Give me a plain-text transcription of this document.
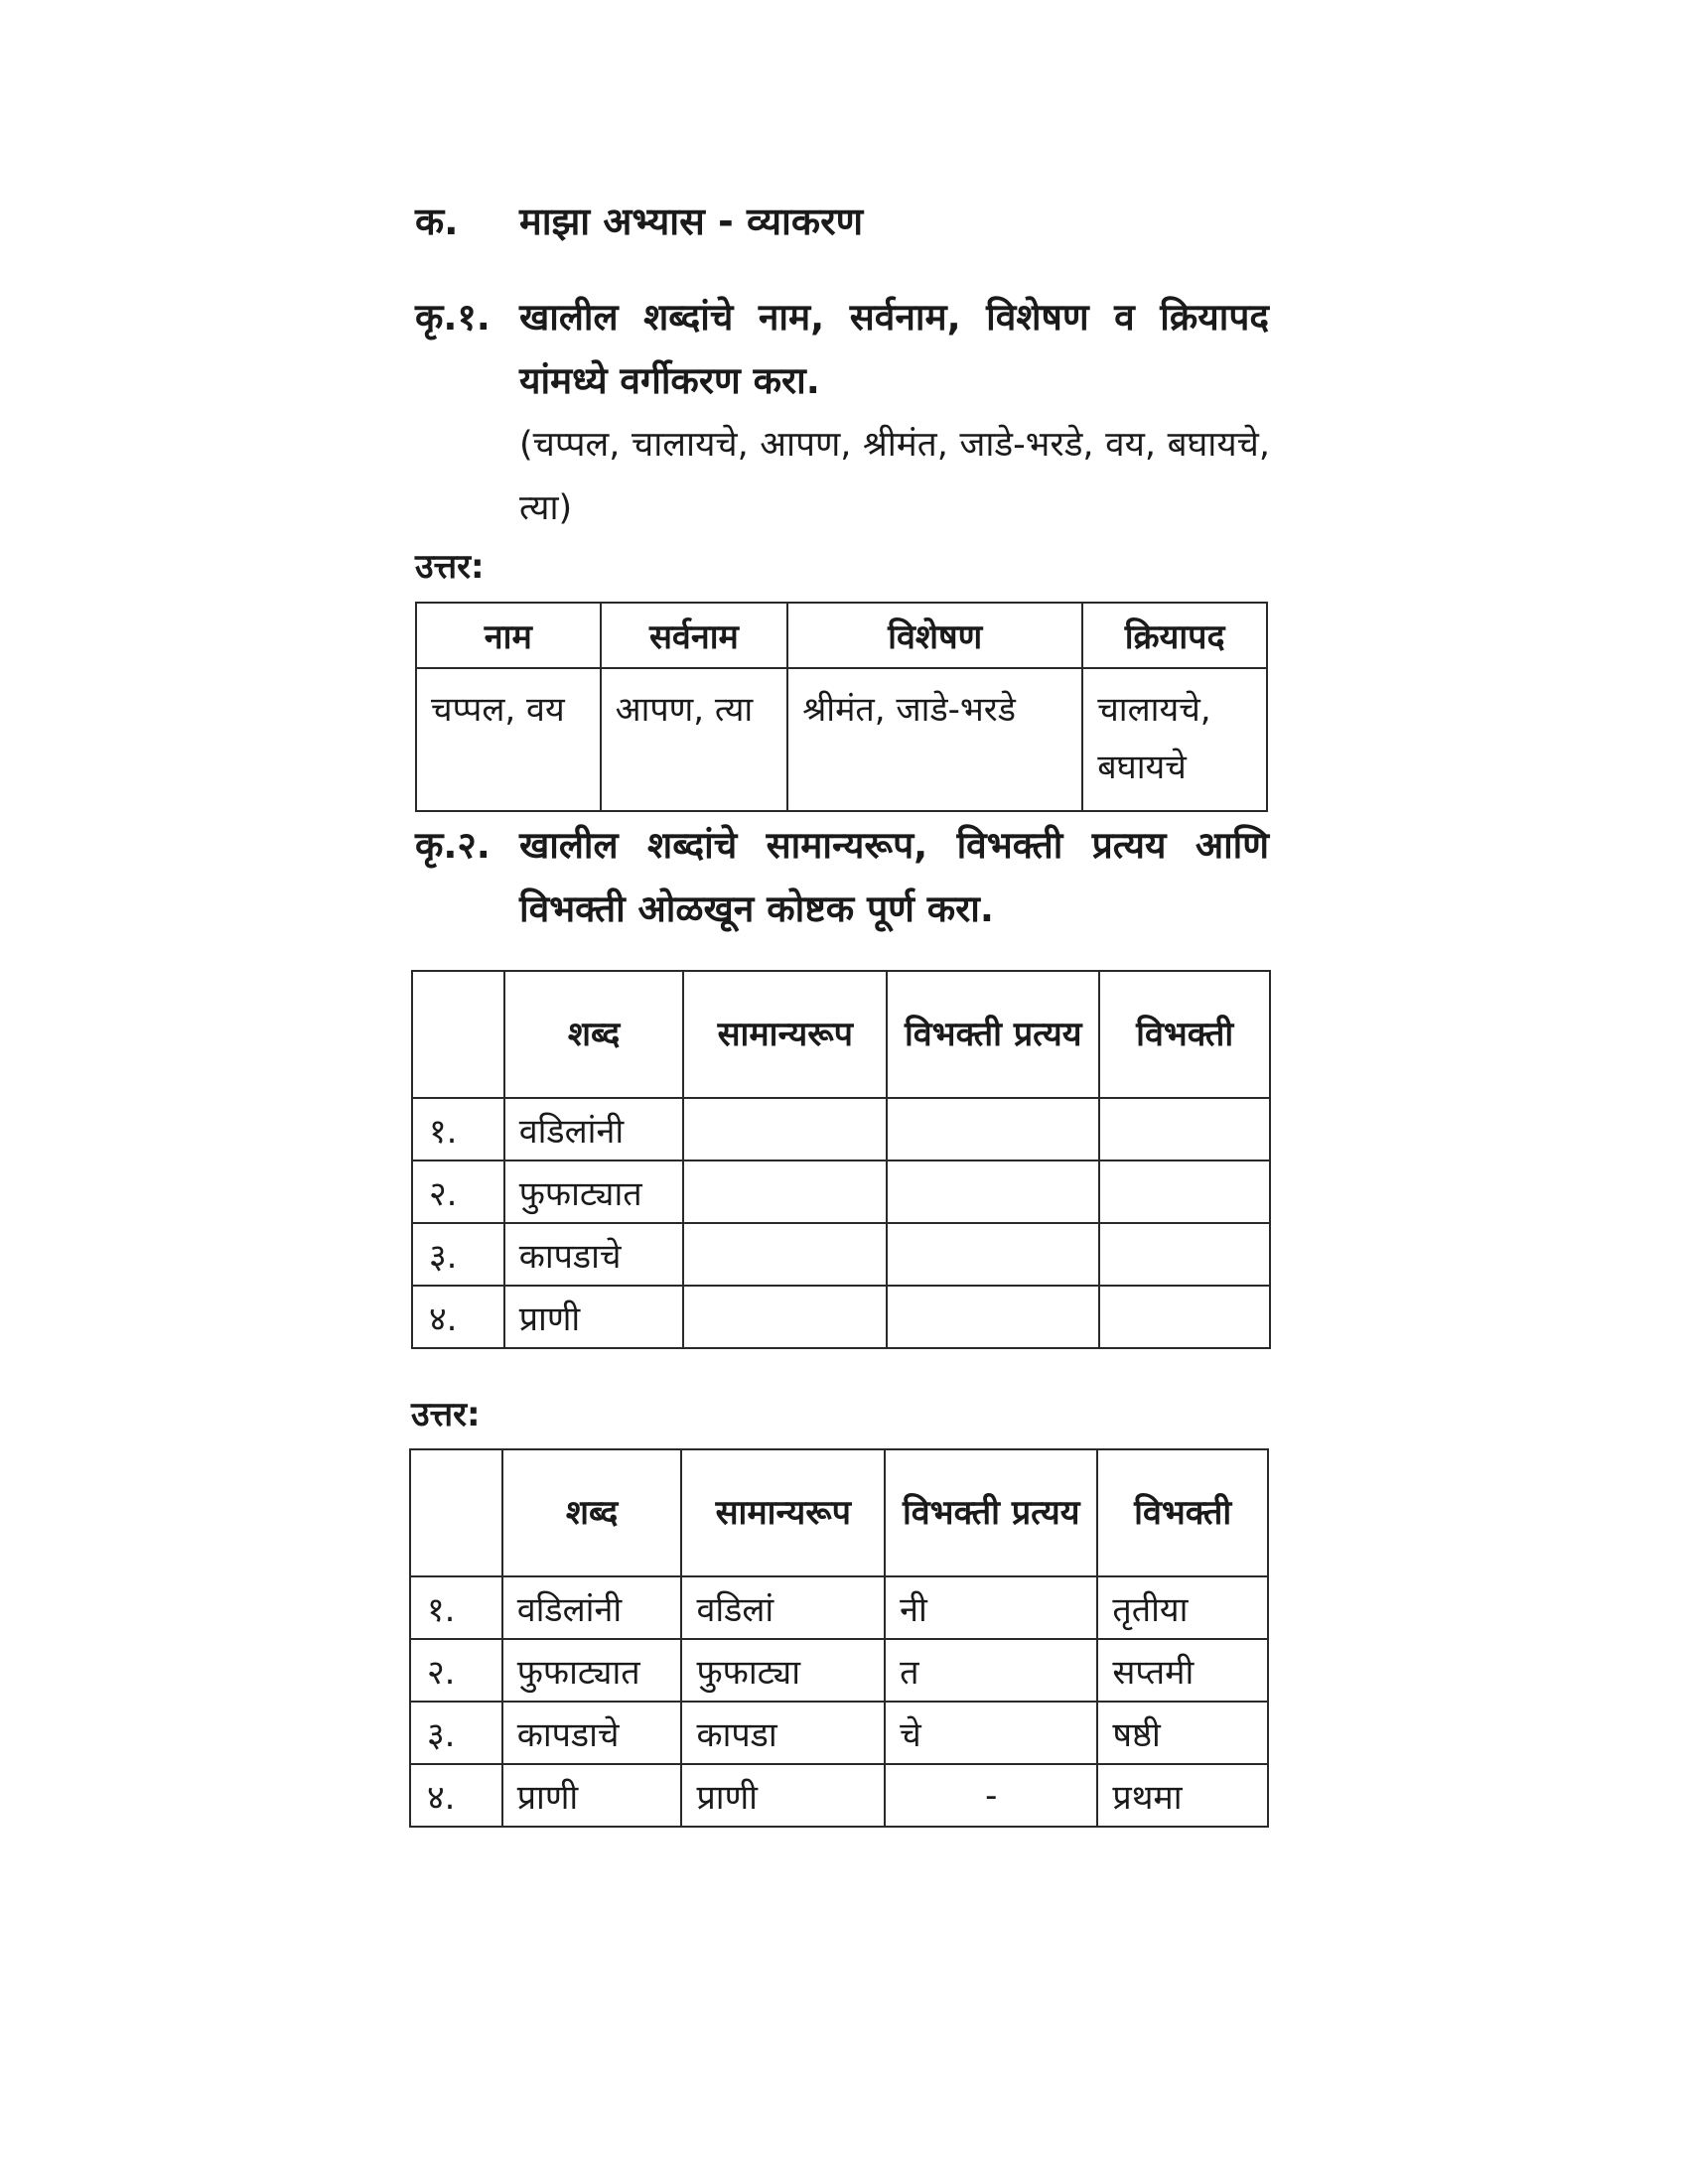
क. माझा अभ्यास - व्याकरण
कृ.१. खालील शब्दांचे नाम, सर्वनाम, विशेषण व क्रियापद यांमध्ये वर्गीकरण करा.
(चप्पल, चालायचे, आपण, श्रीमंत, जाडे-भरडे, वय, बघायचे, त्या)
उत्तर:
नाम	सर्वनाम	विशेषण	क्रियापद
चप्पल, वय	आपण, त्या	श्रीमंत, जाडे-भरडे	चालायचे, बघायचे
कृ.२. खालील शब्दांचे सामान्यरूप, विभक्ती प्रत्यय आणि विभक्ती ओळखून कोष्टक पूर्ण करा.
	शब्द	सामान्यरूप	विभक्ती प्रत्यय	विभक्ती
१.	वडिलांनी			
२.	फुफाट्यात			
३.	कापडाचे			
४.	प्राणी			
उत्तर:
	शब्द	सामान्यरूप	विभक्ती प्रत्यय	विभक्ती
१.	वडिलांनी	वडिलां	नी	तृतीया
२.	फुफाट्यात	फुफाट्या	त	सप्तमी
३.	कापडाचे	कापडा	चे	षष्ठी
४.	प्राणी	प्राणी	-	प्रथमा
